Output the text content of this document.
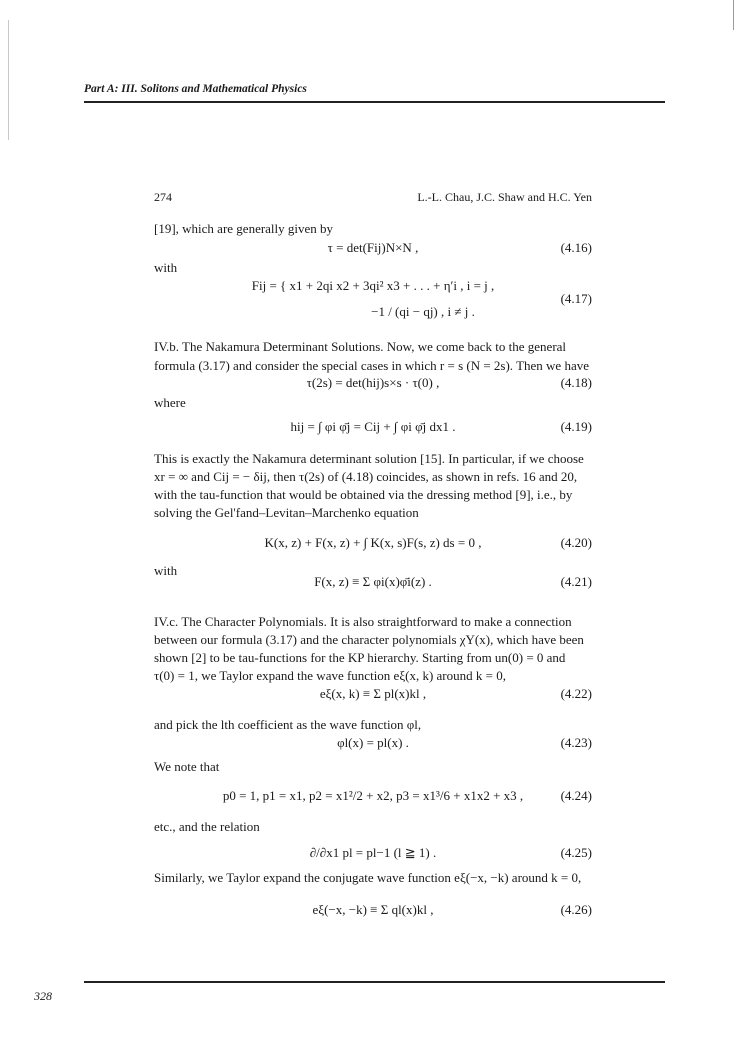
Part A: III. Solitons and Mathematical Physics
274	L.-L. Chau, J.C. Shaw and H.C. Yen
[19], which are generally given by
τ = det(Fij)N×N ,	(4.16)
with
Fij = { x1 + 2qi x2 + 3qi² x3 + . . . + η′i , i = j ,
−1 / (qi − qj) , i ≠ j .
(4.17)
IV.b. The Nakamura Determinant Solutions. Now, we come back to the general
formula (3.17) and consider the special cases in which r = s (N = 2s). Then we have
τ(2s) = det(hij)s×s · τ(0) ,	(4.18)
where
hij = ∫ φi φ̄j = Cij + ∫ φi φ̄j dx1 .	(4.19)
This is exactly the Nakamura determinant solution [15]. In particular, if we choose
xr = ∞ and Cij = − δij, then τ(2s) of (4.18) coincides, as shown in refs. 16 and 20,
with the tau-function that would be obtained via the dressing method [9], i.e., by
solving the Gel'fand–Levitan–Marchenko equation
K(x, z) + F(x, z) + ∫ K(x, s)F(s, z) ds = 0 ,	(4.20)
with
F(x, z) ≡ Σ φi(x)φ̄i(z) .	(4.21)
IV.c. The Character Polynomials. It is also straightforward to make a connection
between our formula (3.17) and the character polynomials χY(x), which have been
shown [2] to be tau-functions for the KP hierarchy. Starting from un(0) = 0 and
τ(0) = 1, we Taylor expand the wave function eξ(x, k) around k = 0,
eξ(x, k) ≡ Σ pl(x)kl ,	(4.22)
and pick the lth coefficient as the wave function φl,
φl(x) = pl(x) .	(4.23)
We note that
p0 = 1, p1 = x1, p2 = x1²/2 + x2, p3 = x1³/6 + x1x2 + x3 ,	(4.24)
etc., and the relation
∂/∂x1 pl = pl−1 (l ≧ 1) .	(4.25)
Similarly, we Taylor expand the conjugate wave function eξ(−x, −k) around k = 0,
eξ(−x, −k) ≡ Σ ql(x)kl ,	(4.26)
328
